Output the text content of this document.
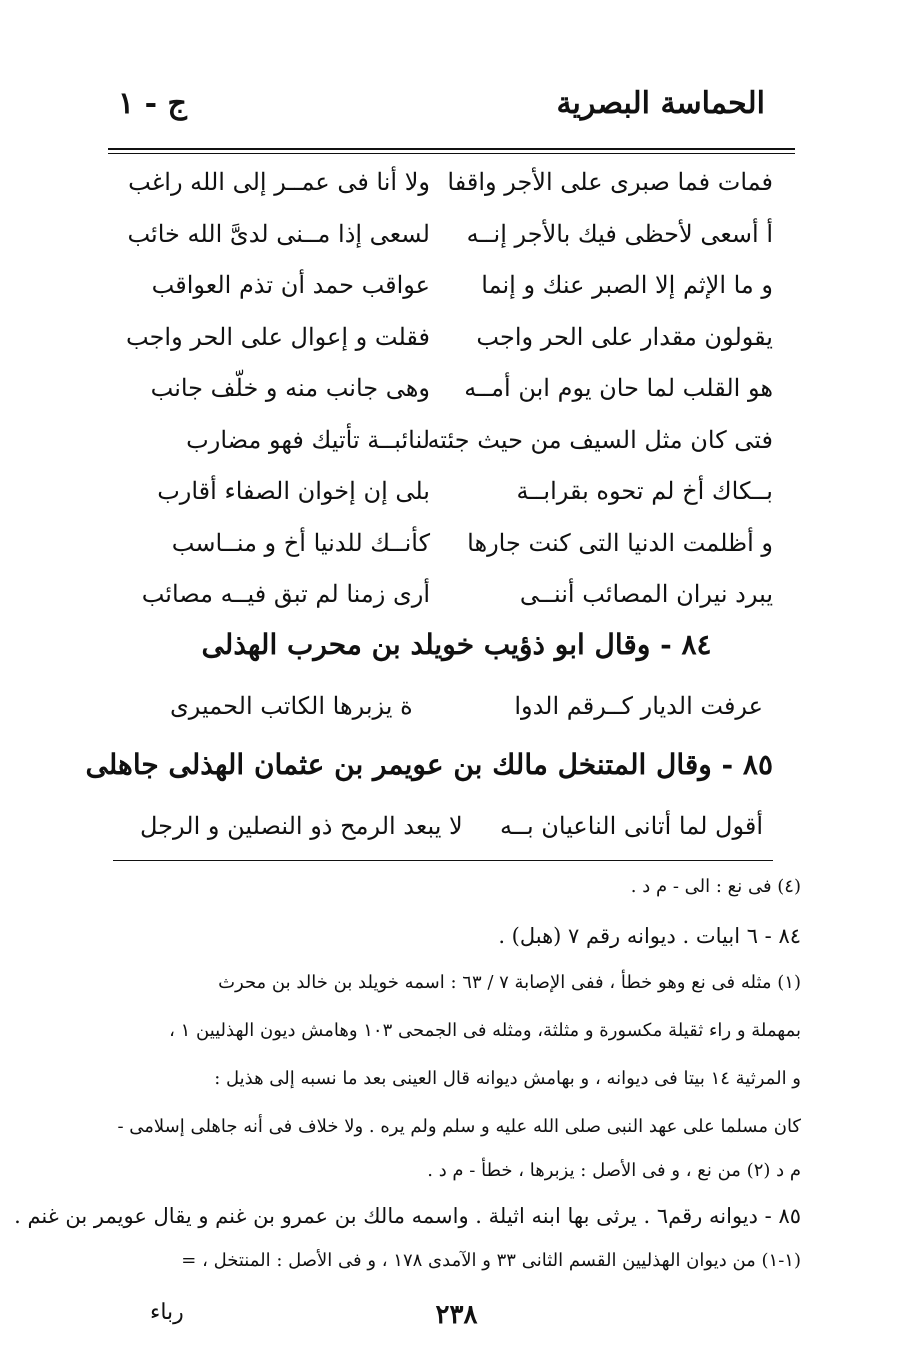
الحماسة البصرية
ج - ١
فمات فما صبرى على الأجر واقفا
ولا أنا فى عمــر إلى الله راغب
أ أسعى لأحظى فيك بالأجر إنــه
لسعى إذا مــنى لدىَّ الله خائب
و ما الإثم إلا الصبر عنك و إنما
عواقب حمد أن تذم العواقب
يقولون مقدار على الحر واجب
فقلت و إعوال على الحر واجب
هو القلب لما حان يوم ابن أمــه
وهى جانب منه و خلّف جانب
فتى كان مثل السيف من حيث جئته
لنائبــة تأتيك فهو مضارب
بــكاك أخ لم تحوه بقرابــة
بلى إن إخوان الصفاء أقارب
و أظلمت الدنيا التى كنت جارها
كأنــك للدنيا أخ و منــاسب
يبرد نيران المصائب أننــى
أرى زمنا لم تبق فيــه مصائب
٨٤ - وقال ابو ذؤيب خويلد بن محرب الهذلى
عرفت الديار كــرقم الدوا
ة يزبرها الكاتب الحميرى
٨٥ - وقال المتنخل مالك بن عويمر بن عثمان الهذلى جاهلى
أقول لما أتانى الناعيان بــه
لا يبعد الرمح ذو النصلين و الرجل
(٤) فى نع : الى - م د .
٨٤ - ٦ ابيات . ديوانه رقم ٧ (هبل) .
(١) مثله فى نع وهو خطأ ، ففى الإصابة ٧ / ٦٣ : اسمه خويلد بن خالد بن محرث
بمهملة و راء ثقيلة مكسورة و مثلثة، ومثله فى الجمحى ١٠٣ وهامش ديون الهذليين ١ ،
و المرثية ١٤ بيتا فى ديوانه ، و بهامش ديوانه قال العينى بعد ما نسبه إلى هذيل :
كان مسلما على عهد النبى صلى الله عليه و سلم ولم يره . ولا خلاف فى أنه جاهلى إسلامى -
م د (٢) من نع ، و فى الأصل : يزبرها ، خطأ - م د .
٨٥ - ديوانه رقم٦ . يرثى بها ابنه اثيلة . واسمه مالك بن عمرو بن غنم و يقال عويمر بن غنم .
(١-١) من ديوان الهذليين القسم الثانى ٣٣ و الآمدى ١٧٨ ، و فى الأصل : المنتخل ، =
٢٣٨
رباء
